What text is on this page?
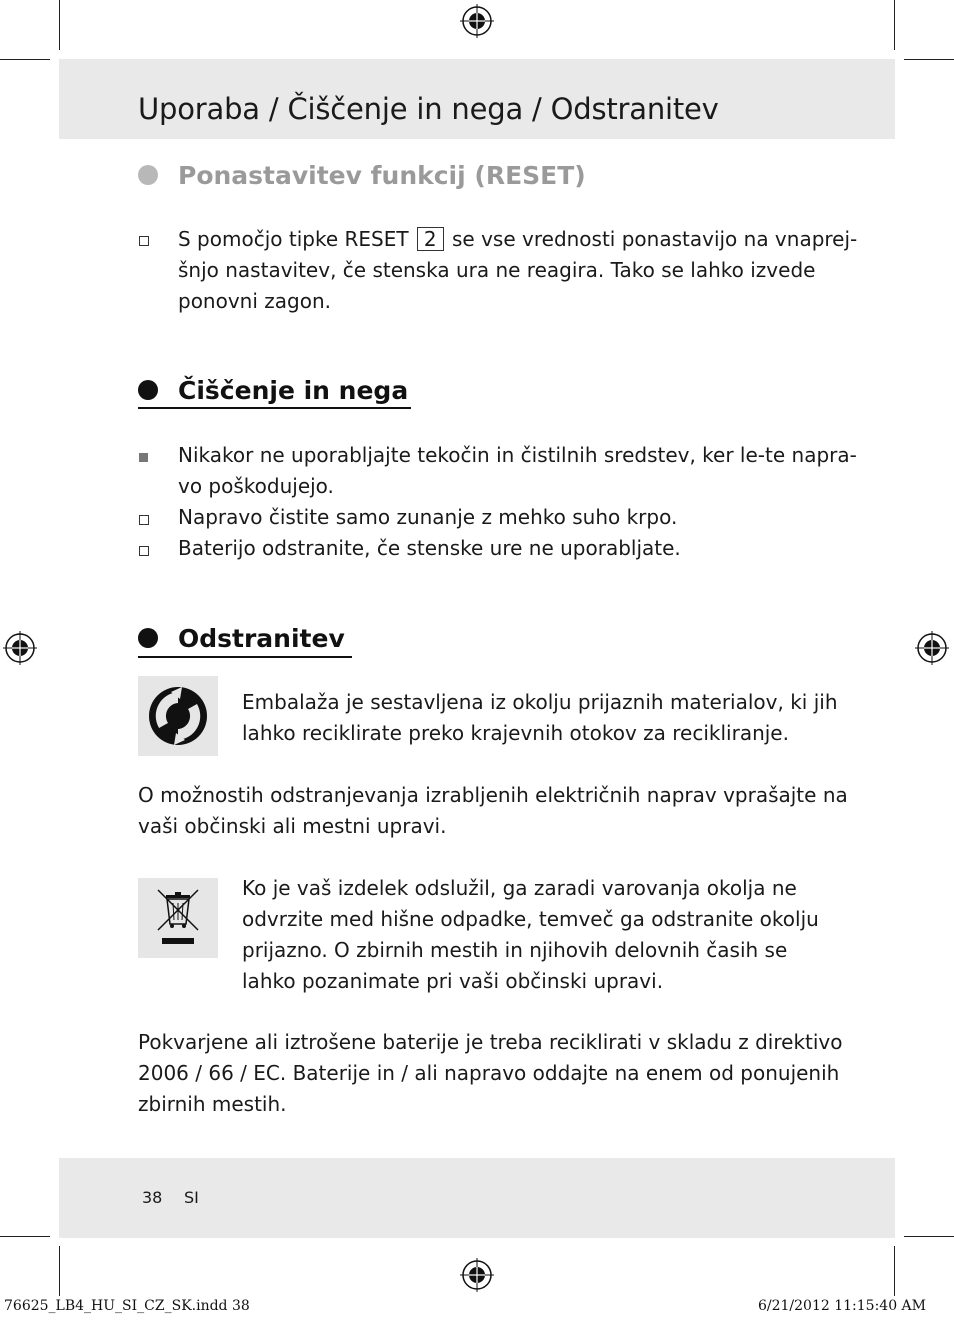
Uporaba / Čiščenje in nega / Odstranitev
Ponastavitev funkcij (RESET)
S pomočjo tipke RESET 2 se vse vrednosti ponastavijo na vnaprej-
šnjo nastavitev, če stenska ura ne reagira. Tako se lahko izvede
ponovni zagon.
Čiščenje in nega
Nikakor ne uporabljajte tekočin in čistilnih sredstev, ker le-te napra-
vo poškodujejo.
Napravo čistite samo zunanje z mehko suho krpo.
Baterijo odstranite, če stenske ure ne uporabljate.
Odstranitev
Embalaža je sestavljena iz okolju prijaznih materialov, ki jih
lahko reciklirate preko krajevnih otokov za recikliranje.
O možnostih odstranjevanja izrabljenih električnih naprav vprašajte na
vaši občinski ali mestni upravi.
Ko je vaš izdelek odslužil, ga zaradi varovanja okolja ne
odvrzite med hišne odpadke, temveč ga odstranite okolju
prijazno. O zbirnih mestih in njihovih delovnih časih se
lahko pozanimate pri vaši občinski upravi.
Pokvarjene ali iztrošene baterije je treba reciklirati v skladu z direktivo
2006 / 66 / EC. Baterije in / ali napravo oddajte na enem od ponujenih
zbirnih mestih.
38 SI
76625_LB4_HU_SI_CZ_SK.indd 38	6/21/2012 11:15:40 AM
